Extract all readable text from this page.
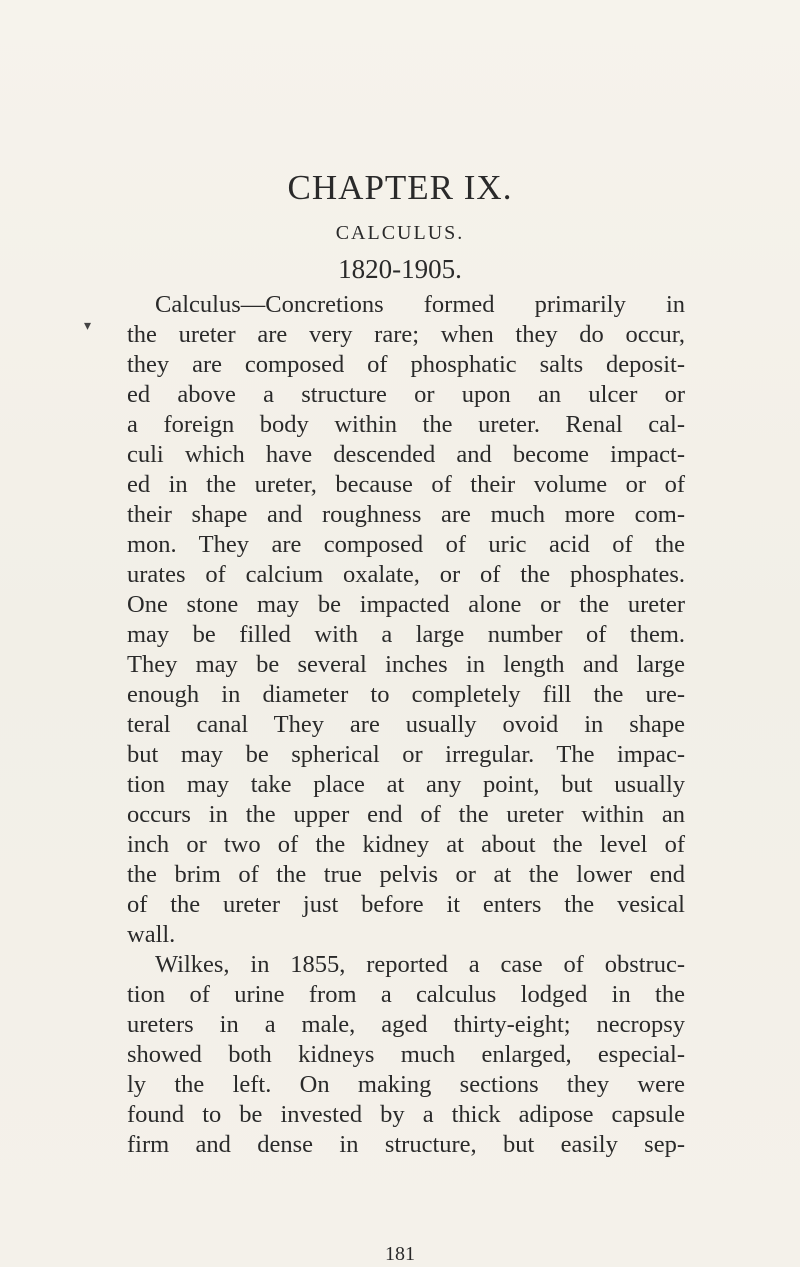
CHAPTER IX.
CALCULUS.
1820-1905.
Calculus—Concretions formed primarily in
the ureter are very rare; when they do occur,
they are composed of phosphatic salts deposit-
ed above a structure or upon an ulcer or
a foreign body within the ureter. Renal cal-
culi which have descended and become impact-
ed in the ureter, because of their volume or of
their shape and roughness are much more com-
mon. They are composed of uric acid of the
urates of calcium oxalate, or of the phosphates.
One stone may be impacted alone or the ureter
may be filled with a large number of them.
They may be several inches in length and large
enough in diameter to completely fill the ure-
teral canal They are usually ovoid in shape
but may be spherical or irregular. The impac-
tion may take place at any point, but usually
occurs in the upper end of the ureter within an
inch or two of the kidney at about the level of
the brim of the true pelvis or at the lower end
of the ureter just before it enters the vesical
wall.
Wilkes, in 1855, reported a case of obstruc-
tion of urine from a calculus lodged in the
ureters in a male, aged thirty-eight; necropsy
showed both kidneys much enlarged, especial-
ly the left. On making sections they were
found to be invested by a thick adipose capsule
firm and dense in structure, but easily sep-
181
▾
